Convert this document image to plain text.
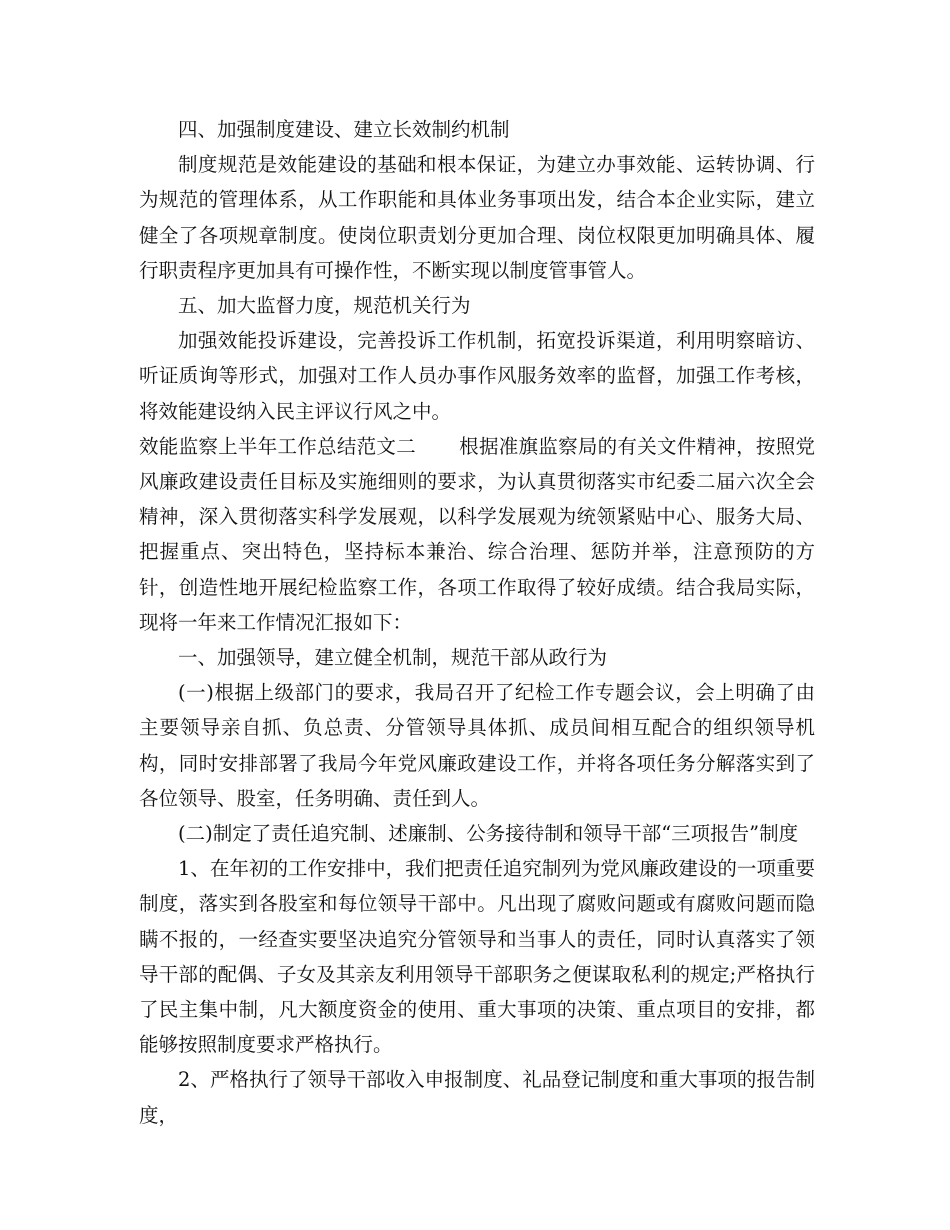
四、加强制度建设、建立长效制约机制

制度规范是效能建设的基础和根本保证，为建立办事效能、运转协调、行为规范的管理体系，从工作职能和具体业务事项出发，结合本企业实际，建立健全了各项规章制度。使岗位职责划分更加合理、岗位权限更加明确具体、履行职责程序更加具有可操作性，不断实现以制度管事管人。

五、加大监督力度，规范机关行为

加强效能投诉建设，完善投诉工作机制，拓宽投诉渠道，利用明察暗访、听证质询等形式，加强对工作人员办事作风服务效率的监督，加强工作考核，将效能建设纳入民主评议行风之中。

效能监察上半年工作总结范文二 根据准旗监察局的有关文件精神，按照党风廉政建设责任目标及实施细则的要求，为认真贯彻落实市纪委二届六次全会精神，深入贯彻落实科学发展观，以科学发展观为统领紧贴中心、服务大局、把握重点、突出特色，坚持标本兼治、综合治理、惩防并举，注意预防的方针，创造性地开展纪检监察工作，各项工作取得了较好成绩。结合我局实际，现将一年来工作情况汇报如下：

一、加强领导，建立健全机制，规范干部从政行为

(一)根据上级部门的要求，我局召开了纪检工作专题会议，会上明确了由主要领导亲自抓、负总责、分管领导具体抓、成员间相互配合的组织领导机构，同时安排部署了我局今年党风廉政建设工作，并将各项任务分解落实到了各位领导、股室，任务明确、责任到人。

(二)制定了责任追究制、述廉制、公务接待制和领导干部“三项报告”制度

1、在年初的工作安排中，我们把责任追究制列为党风廉政建设的一项重要制度，落实到各股室和每位领导干部中。凡出现了腐败问题或有腐败问题而隐瞒不报的，一经查实要坚决追究分管领导和当事人的责任，同时认真落实了领导干部的配偶、子女及其亲友利用领导干部职务之便谋取私利的规定;严格执行了民主集中制，凡大额度资金的使用、重大事项的决策、重点项目的安排，都能够按照制度要求严格执行。

2、严格执行了领导干部收入申报制度、礼品登记制度和重大事项的报告制度，
